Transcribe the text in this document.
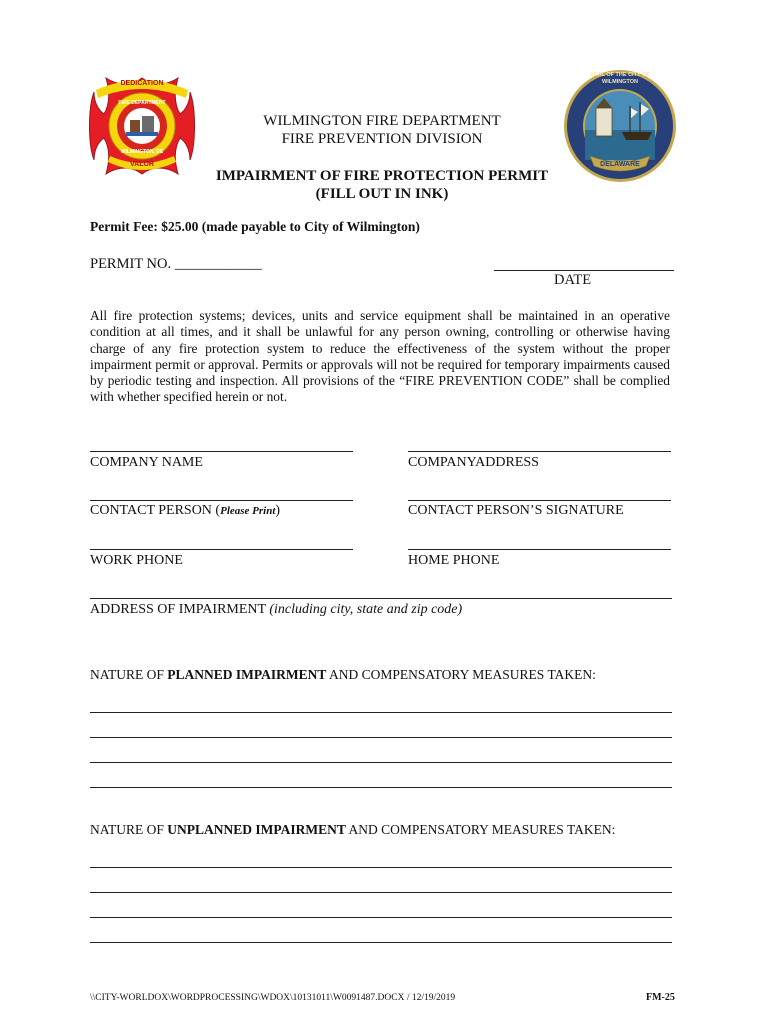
DEDICATION
FIRE DEPARTMENT
WILMINGTON, DE
VALOR
SEAL OF THE CITY OF WILMINGTON
DELAWARE
WILMINGTON FIRE DEPARTMENT
FIRE PREVENTION DIVISION
IMPAIRMENT OF FIRE PROTECTION PERMIT
(FILL OUT IN INK)
Permit Fee: $25.00 (made payable to City of Wilmington)
PERMIT NO. ____________
DATE
All fire protection systems; devices, units and service equipment shall be maintained in an operative condition at all times, and it shall be unlawful for any person owning, controlling or otherwise having charge of any fire protection system to reduce the effectiveness of the system without the proper impairment permit or approval. Permits or approvals will not be required for temporary impairments caused by periodic testing and inspection. All provisions of the “FIRE PREVENTION CODE” shall be complied with whether specified herein or not.
COMPANY NAME	COMPANYADDRESS
CONTACT PERSON (Please Print)	CONTACT PERSON’S SIGNATURE
WORK PHONE	HOME PHONE
ADDRESS OF IMPAIRMENT (including city, state and zip code)
NATURE OF PLANNED IMPAIRMENT AND COMPENSATORY MEASURES TAKEN:
NATURE OF UNPLANNED IMPAIRMENT AND COMPENSATORY MEASURES TAKEN:
\\CITY-WORLDOX\WORDPROCESSING\WDOX\10131011\W0091487.DOCX / 12/19/2019	FM-25
